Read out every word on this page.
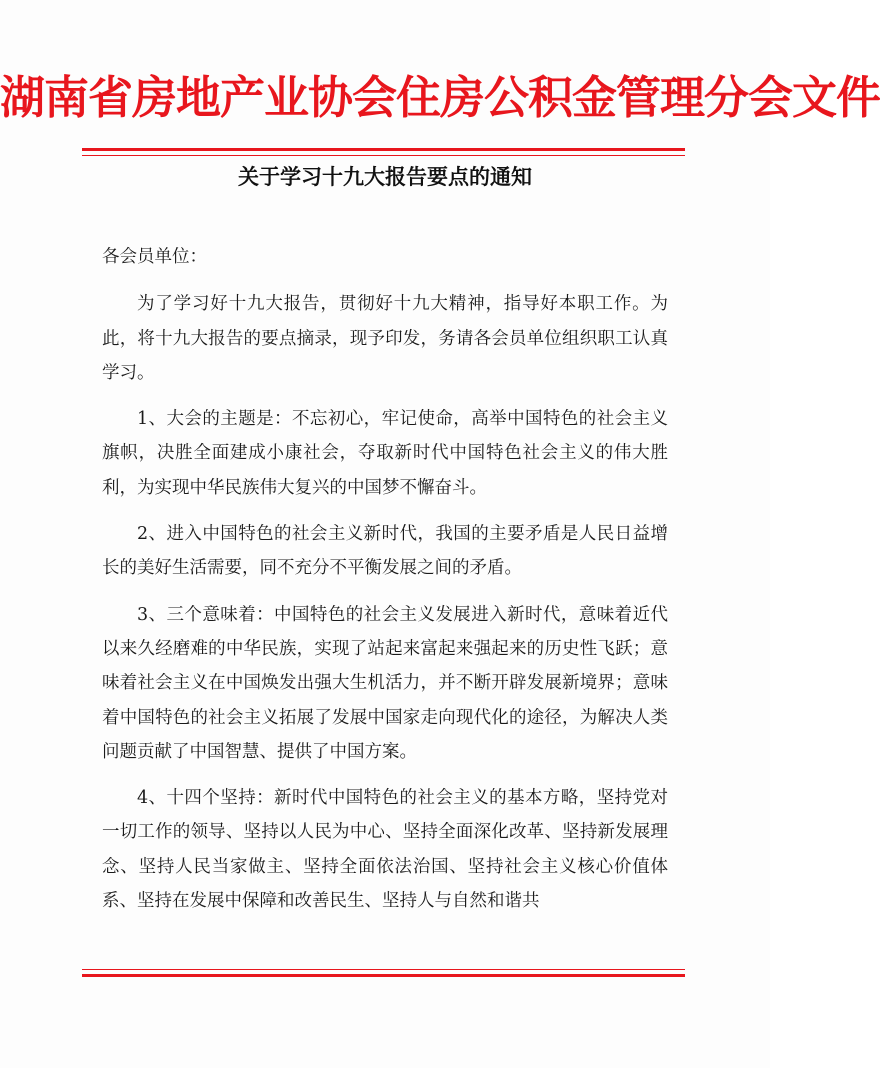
湖南省房地产业协会住房公积金管理分会文件
关于学习十九大报告要点的通知

各会员单位：

为了学习好十九大报告，贯彻好十九大精神，指导好本职工作。为此，将十九大报告的要点摘录，现予印发，务请各会员单位组织职工认真学习。

1、大会的主题是：不忘初心，牢记使命，高举中国特色的社会主义旗帜，决胜全面建成小康社会，夺取新时代中国特色社会主义的伟大胜利，为实现中华民族伟大复兴的中国梦不懈奋斗。

2、进入中国特色的社会主义新时代，我国的主要矛盾是人民日益增长的美好生活需要，同不充分不平衡发展之间的矛盾。

3、三个意味着：中国特色的社会主义发展进入新时代，意味着近代以来久经磨难的中华民族，实现了站起来富起来强起来的历史性飞跃；意味着社会主义在中国焕发出强大生机活力，并不断开辟发展新境界；意味着中国特色的社会主义拓展了发展中国家走向现代化的途径，为解决人类问题贡献了中国智慧、提供了中国方案。

4、十四个坚持：新时代中国特色的社会主义的基本方略，坚持党对一切工作的领导、坚持以人民为中心、坚持全面深化改革、坚持新发展理念、坚持人民当家做主、坚持全面依法治国、坚持社会主义核心价值体系、坚持在发展中保障和改善民生、坚持人与自然和谐共
